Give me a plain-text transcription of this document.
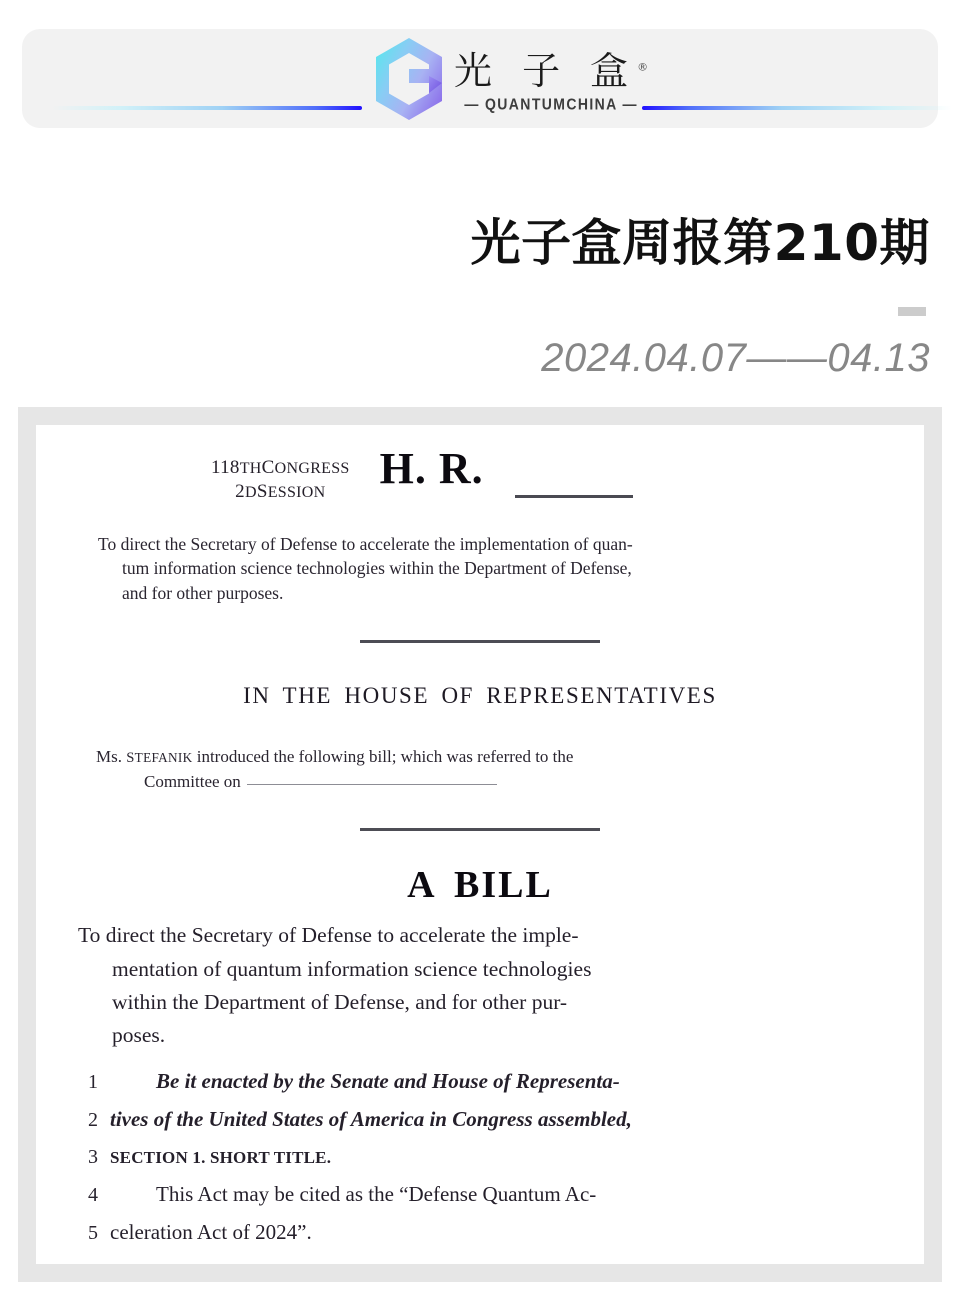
光 子 盒®
— QUANTUMCHINA —
光子盒周报第210期
2024.04.07——04.13
118THCONGRESS
2DSESSION	H. R.
To direct the Secretary of Defense to accelerate the implementation of quan-
tum information science technologies within the Department of Defense,
and for other purposes.
IN THE HOUSE OF REPRESENTATIVES
Ms. STEFANIK introduced the following bill; which was referred to the
Committee on
A BILL
To direct the Secretary of Defense to accelerate the imple-
mentation of quantum information science technologies
within the Department of Defense, and for other pur-
poses.
1	Be it enacted by the Senate and House of Representa-
2 tives of the United States of America in Congress assembled,
3 SECTION 1. SHORT TITLE.
4	This Act may be cited as the “Defense Quantum Ac-
5 celeration Act of 2024”.
